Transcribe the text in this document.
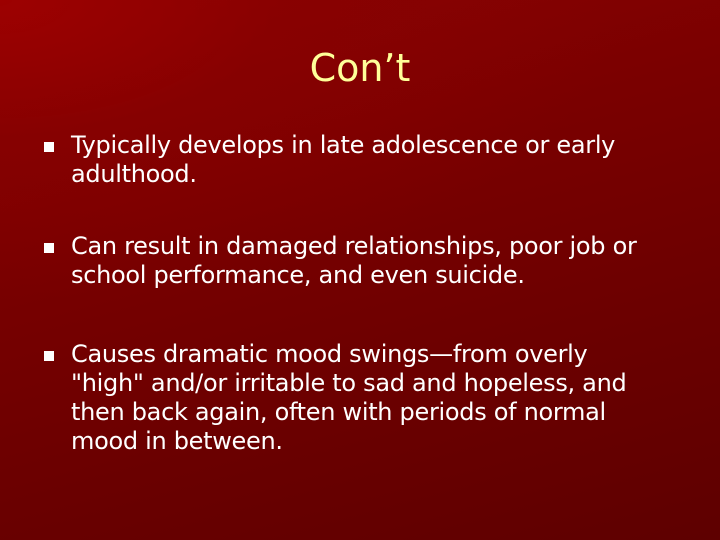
Con’t
Typically develops in late adolescence or early
adulthood.
Can result in damaged relationships, poor job or
school performance, and even suicide.
Causes dramatic mood swings—from overly
"high" and/or irritable to sad and hopeless, and
then back again, often with periods of normal
mood in between.
